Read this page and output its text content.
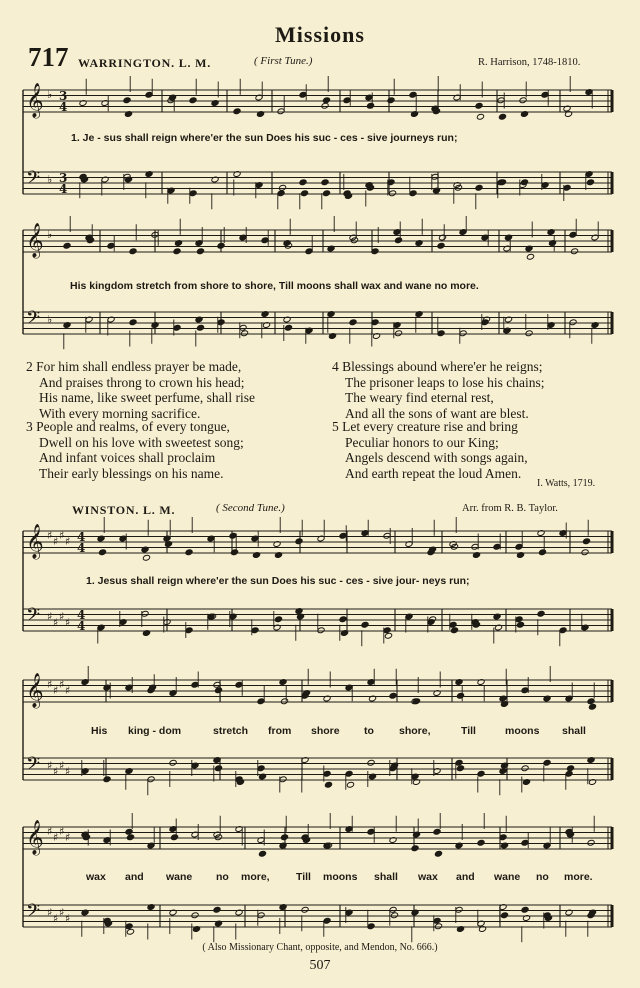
Missions
717 WARRINGTON. L. M.	( First Tune.)	R. Harrison, 1748-1810.
𝄞
𝄢
♭
♭
3
4
3
4
𝄞
𝄢
♭
♭
𝄞
𝄢
♯ ♯ ♯ ♯
♯ ♯ ♯ ♯
4
4
4
4
𝄞
𝄢
♯ ♯ ♯ ♯
♯ ♯ ♯ ♯
𝄞
𝄢
♯ ♯ ♯ ♯
♯ ♯ ♯ ♯
1. Je - sus shall reign where'er the sun Does his suc - ces - sive journeys run;
His kingdom stretch from shore to shore, Till moons shall wax and wane no more.
2 For him shall endless prayer be made,
And praises throng to crown his head;
His name, like sweet perfume, shall rise
With every morning sacrifice.
3 People and realms, of every tongue,
Dwell on his love with sweetest song;
And infant voices shall proclaim
Their early blessings on his name.
4 Blessings abound where'er he reigns;
The prisoner leaps to lose his chains;
The weary find eternal rest,
And all the sons of want are blest.
5 Let every creature rise and bring
Peculiar honors to our King;
Angels descend with songs again,
And earth repeat the loud Amen.
I. Watts, 1719.
WINSTON. L. M.	( Second Tune.)	Arr. from R. B. Taylor.
1. Jesus shall reign where'er the sun Does his suc - ces - sive jour- neys run;
His king - dom	stretch from shore to shore,	Till	moons shall
wax and wane no more,	Till moons shall wax and wane no more.
( Also Missionary Chant, opposite, and Mendon, No. 666.)
507
